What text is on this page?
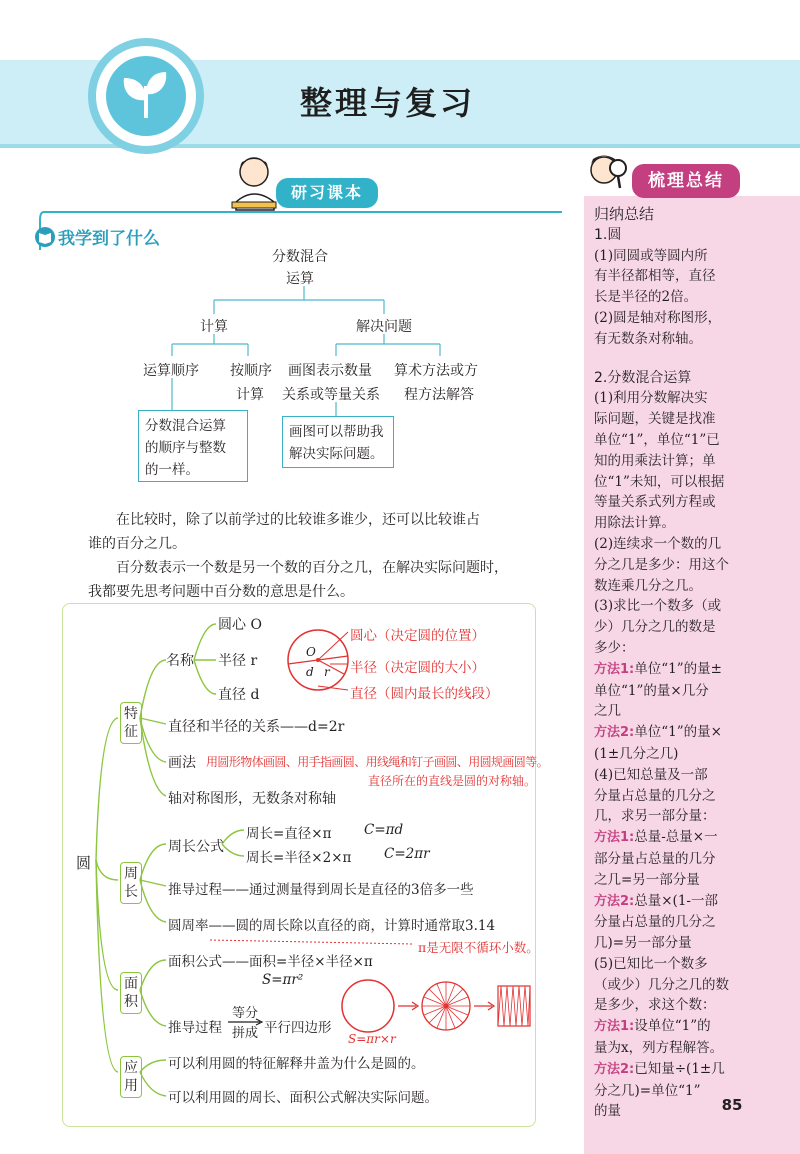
整理与复习
研习课本
我学到了什么
分数混合
运算
计算	解决问题
运算顺序 按顺序
计算
画图表示数量
关系或等量关系
算术方法或方
程方法解答
分数混合运算
的顺序与整数
的一样。
画图可以帮助我
解决实际问题。
在比较时，除了以前学过的比较谁多谁少，还可以比较谁占
谁的百分之几。
百分数表示一个数是另一个数的百分之几，在解决实际问题时，
我都要先思考问题中百分数的意思是什么。
圆
特征
周长
面积
应用
名称
圆心 O
半径 r
直径 d
O
d r
圆心（决定圆的位置）
半径（决定圆的大小）
直径（圆内最长的线段）
直径和半径的关系——d=2r
画法 用圆形物体画圆、用手指画圆、用线绳和钉子画圆、用圆规画圆等。
直径所在的直线是圆的对称轴。
轴对称图形，无数条对称轴
周长公式
周长=直径×π C=πd
周长=半径×2×π C=2πr
推导过程——通过测量得到周长是直径的3倍多一些
圆周率——圆的周长除以直径的商，计算时通常取3.14
π是无限不循环小数。
面积公式——面积=半径×半径×π
S=πr²
推导过程
等分
拼成 平行四边形
S=πr×r
可以利用圆的特征解释井盖为什么是圆的。
可以利用圆的周长、面积公式解决实际问题。
梳理总结
归纳总结
1.圆
(1)同圆或等圆内所
有半径都相等，直径
长是半径的2倍。
(2)圆是轴对称图形，
有无数条对称轴。
2.分数混合运算
(1)利用分数解决实
际问题，关键是找准
单位“1”，单位“1”已
知的用乘法计算；单
位“1”未知，可以根据
等量关系式列方程或
用除法计算。
(2)连续求一个数的几
分之几是多少：用这个
数连乘几分之几。
(3)求比一个数多（或
少）几分之几的数是
多少：
方法1:单位“1”的量±
单位“1”的量×几分
之几
方法2:单位“1”的量×
(1±几分之几)
(4)已知总量及一部
分量占总量的几分之
几，求另一部分量：
方法1:总量-总量×一
部分量占总量的几分
之几=另一部分量
方法2:总量×(1-一部
分量占总量的几分之
几)=另一部分量
(5)已知比一个数多
（或少）几分之几的数
是多少，求这个数：
方法1:设单位“1”的
量为x，列方程解答。
方法2:已知量÷(1±几
分之几)=单位“1”
的量	85
